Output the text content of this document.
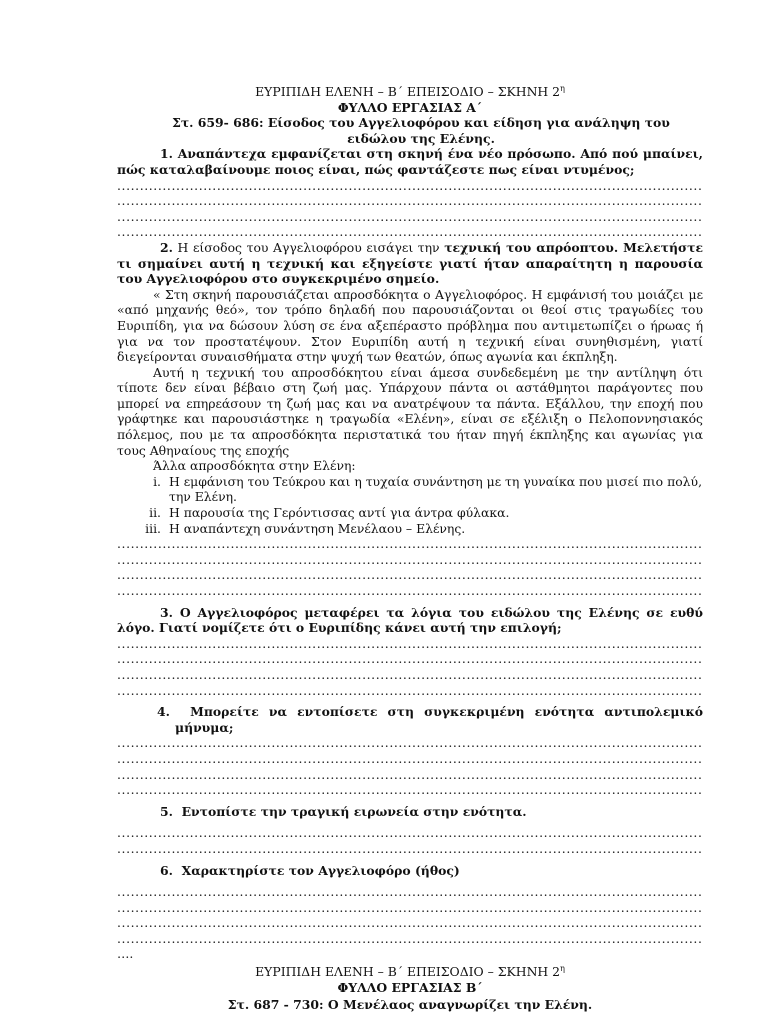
ΕΥΡΙΠΙΔΗ ΕΛΕΝΗ – Β΄ ΕΠΕΙΣΟΔΙΟ – ΣΚΗΝΗ $2^\eta$
ΦΥΛΛΟ ΕΡΓΑΣΙΑΣ Α΄
Στ. 659- 686: Είσοδος του Αγγελιοφόρου και είδηση για ανάληψη του ειδώλου της Ελένης.
1. Αναπάντεχα εμφανίζεται στη σκηνή ένα νέο πρόσωπο. Από πού μπαίνει, πώς καταλαβαίνουμε ποιος είναι, πώς φαντάζεστε πως είναι ντυμένος;
.....
.....
.....
.....
2. Η είσοδος του Αγγελιοφόρου εισάγει την τεχνική του απρόοπτου. Μελετήστε τι σημαίνει αυτή η τεχνική και εξηγείστε γιατί ήταν απαραίτητη η παρουσία του Αγγελιοφόρου στο συγκεκριμένο σημείο.
« Στη σκηνή παρουσιάζεται απροσδόκητα ο Αγγελιοφόρος. Η εμφάνισή του μοιάζει με «από μηχανής θεό», τον τρόπο δηλαδή που παρουσιάζονται οι θεοί στις τραγωδίες του Ευριπίδη, για να δώσουν λύση σε ένα αξεπέραστο πρόβλημα που αντιμετωπίζει ο ήρωας ή για να τον προστατέψουν. Στον Ευριπίδη αυτή η τεχνική είναι συνηθισμένη, γιατί διεγείρονται συναισθήματα στην ψυχή των θεατών, όπως αγωνία και έκπληξη.
Αυτή η τεχνική του απροσδόκητου είναι άμεσα συνδεδεμένη με την αντίληψη ότι τίποτε δεν είναι βέβαιο στη ζωή μας. Υπάρχουν πάντα οι αστάθμητοι παράγοντες που μπορεί να επηρεάσουν τη ζωή μας και να ανατρέψουν τα πάντα. Εξάλλου, την εποχή που γράφτηκε και παρουσιάστηκε η τραγωδία «Ελένη», είναι σε εξέλιξη ο Πελοποννησιακός πόλεμος, που με τα απροσδόκητα περιστατικά του ήταν πηγή έκπληξης και αγωνίας για τους Αθηναίους της εποχής
Άλλα απροσδόκητα στην Ελένη:
i. Η εμφάνιση του Τεύκρου και η τυχαία συνάντηση με τη γυναίκα που μισεί πιο πολύ, την Ελένη.
ii. Η παρουσία της Γερόντισσας αντί για άντρα φύλακα.
iii. Η αναπάντεχη συνάντηση Μενέλαου – Ελένης.
.....
.....
.....
.....
3. Ο Αγγελιοφόρος μεταφέρει τα λόγια του ειδώλου της Ελένης σε ευθύ λόγο. Γιατί νομίζετε ότι ο Ευριπίδης κάνει αυτή την επιλογή;
.....
.....
.....
.....
4. Μπορείτε να εντοπίσετε στη συγκεκριμένη ενότητα αντιπολεμικό μήνυμα;
.....
.....
.....
.....
5. Εντοπίστε την τραγική ειρωνεία στην ενότητα.
.....
.....
6. Χαρακτηρίστε τον Αγγελιοφόρο (ήθος)
.....
.....
.....
.....
….
ΕΥΡΙΠΙΔΗ ΕΛΕΝΗ – Β΄ ΕΠΕΙΣΟΔΙΟ – ΣΚΗΝΗ $2^\eta$
ΦΥΛΛΟ ΕΡΓΑΣΙΑΣ Β΄
Στ. 687 - 730: Ο Μενέλαος αναγνωρίζει την Ελένη.
